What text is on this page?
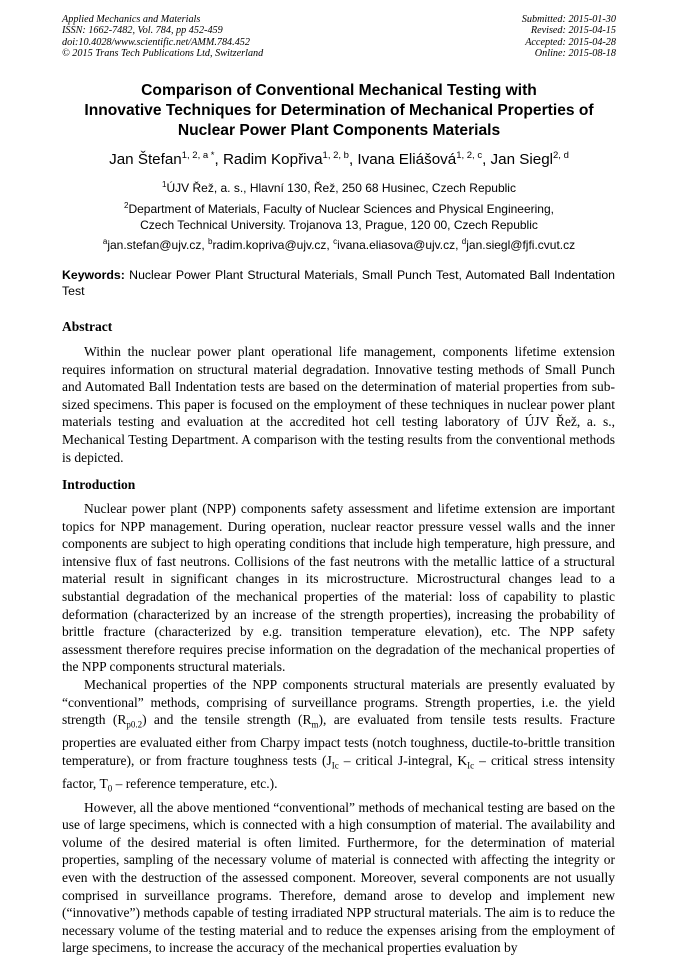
Applied Mechanics and Materials
ISSN: 1662-7482, Vol. 784, pp 452-459
doi:10.4028/www.scientific.net/AMM.784.452
© 2015 Trans Tech Publications Ltd, Switzerland
Submitted: 2015-01-30
Revised: 2015-04-15
Accepted: 2015-04-28
Online: 2015-08-18
Comparison of Conventional Mechanical Testing with
Innovative Techniques for Determination of Mechanical Properties of
Nuclear Power Plant Components Materials
Jan Štefan$^{1, 2, a *}$, Radim Kopřiva$^{1, 2, b}$, Ivana Eliášová$^{1, 2, c}$, Jan Siegl$^{2, d}$
$^1$ÚJV Řež, a. s., Hlavní 130, Řež, 250 68 Husinec, Czech Republic
$^2$Department of Materials, Faculty of Nuclear Sciences and Physical Engineering,
Czech Technical University. Trojanova 13, Prague, 120 00, Czech Republic
$^a$jan.stefan@ujv.cz, $^b$radim.kopriva@ujv.cz, $^c$ivana.eliasova@ujv.cz, $^d$jan.siegl@fjfi.cvut.cz
Keywords: Nuclear Power Plant Structural Materials, Small Punch Test, Automated Ball Indentation Test
Abstract

Within the nuclear power plant operational life management, components lifetime extension requires information on structural material degradation. Innovative testing methods of Small Punch and Automated Ball Indentation tests are based on the determination of material properties from sub-sized specimens. This paper is focused on the employment of these techniques in nuclear power plant materials testing and evaluation at the accredited hot cell testing laboratory of ÚJV Řež, a. s., Mechanical Testing Department. A comparison with the testing results from the conventional methods is depicted.

Introduction

Nuclear power plant (NPP) components safety assessment and lifetime extension are important topics for NPP management. During operation, nuclear reactor pressure vessel walls and the inner components are subject to high operating conditions that include high temperature, high pressure, and intensive flux of fast neutrons. Collisions of the fast neutrons with the metallic lattice of a structural material result in significant changes in its microstructure. Microstructural changes lead to a substantial degradation of the mechanical properties of the material: loss of capability to plastic deformation (characterized by an increase of the strength properties), increasing the probability of brittle fracture (characterized by e.g. transition temperature elevation), etc. The NPP safety assessment therefore requires precise information on the degradation of the mechanical properties of the NPP components structural materials.

Mechanical properties of the NPP components structural materials are presently evaluated by “conventional” methods, comprising of surveillance programs. Strength properties, i.e. the yield strength $(R_{p0.2})$ and the tensile strength $(R_m)$, are evaluated from tensile tests results. Fracture properties are evaluated either from Charpy impact tests (notch toughness, ductile-to-brittle transition temperature), or from fracture toughness tests ($J_{Ic}$ – critical J-integral, $K_{Ic}$ – critical stress intensity factor, $T_0$ – reference temperature, etc.).

However, all the above mentioned “conventional” methods of mechanical testing are based on the use of large specimens, which is connected with a high consumption of material. The availability and volume of the desired material is often limited. Furthermore, for the determination of material properties, sampling of the necessary volume of material is connected with affecting the integrity or even with the destruction of the assessed component. Moreover, several components are not usually comprised in surveillance programs. Therefore, demand arose to develop and implement new (“innovative”) methods capable of testing irradiated NPP structural materials. The aim is to reduce the necessary volume of the testing material and to reduce the expenses arising from the employment of large specimens, to increase the accuracy of the mechanical properties evaluation by
